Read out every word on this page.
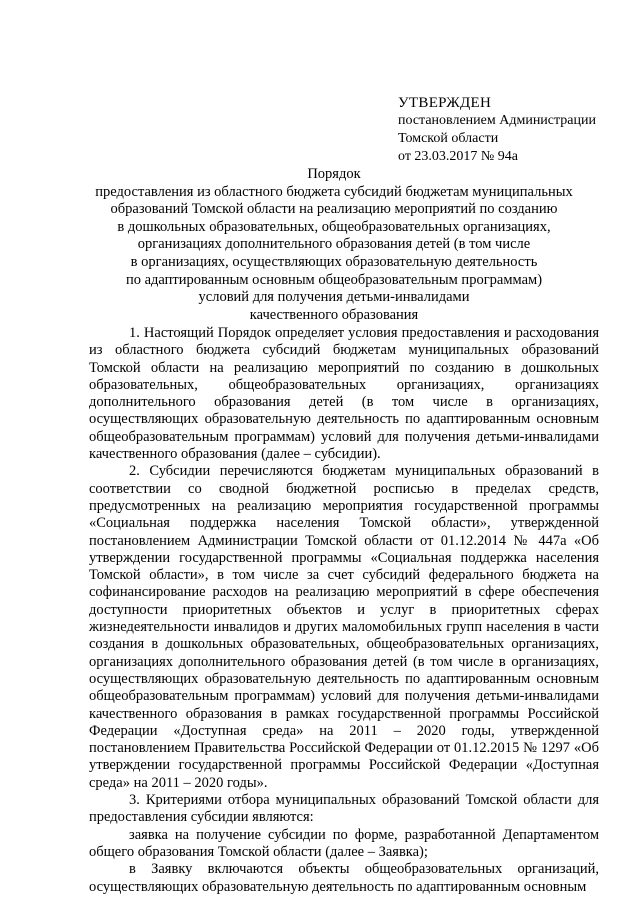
УТВЕРЖДЕН
постановлением Администрации
Томской области
от 23.03.2017 № 94а
Порядок
предоставления из областного бюджета субсидий бюджетам муниципальных
образований Томской области на реализацию мероприятий по созданию
в дошкольных образовательных, общеобразовательных организациях,
организациях дополнительного образования детей (в том числе
в организациях, осуществляющих образовательную деятельность
по адаптированным основным общеобразовательным программам)
условий для получения детьми-инвалидами
качественного образования

1. Настоящий Порядок определяет условия предоставления и расходования из областного бюджета субсидий бюджетам муниципальных образований Томской области на реализацию мероприятий по созданию в дошкольных образовательных, общеобразовательных организациях, организациях дополнительного образования детей (в том числе в организациях, осуществляющих образовательную деятельность по адаптированным основным общеобразовательным программам) условий для получения детьми-инвалидами качественного образования (далее – субсидии).

2. Субсидии перечисляются бюджетам муниципальных образований в соответствии со сводной бюджетной росписью в пределах средств, предусмотренных на реализацию мероприятия государственной программы «Социальная поддержка населения Томской области», утвержденной постановлением Администрации Томской области от 01.12.2014 № 447а «Об утверждении государственной программы «Социальная поддержка населения Томской области», в том числе за счет субсидий федерального бюджета на софинансирование расходов на реализацию мероприятий в сфере обеспечения доступности приоритетных объектов и услуг в приоритетных сферах жизнедеятельности инвалидов и других маломобильных групп населения в части создания в дошкольных образовательных, общеобразовательных организациях, организациях дополнительного образования детей (в том числе в организациях, осуществляющих образовательную деятельность по адаптированным основным общеобразовательным программам) условий для получения детьми-инвалидами качественного образования в рамках государственной программы Российской Федерации «Доступная среда» на 2011 – 2020 годы, утвержденной постановлением Правительства Российской Федерации от 01.12.2015 № 1297 «Об утверждении государственной программы Российской Федерации «Доступная среда» на 2011 – 2020 годы».

3. Критериями отбора муниципальных образований Томской области для предоставления субсидии являются:

заявка на получение субсидии по форме, разработанной Департаментом общего образования Томской области (далее – Заявка);

в Заявку включаются объекты общеобразовательных организаций, осуществляющих образовательную деятельность по адаптированным основным
